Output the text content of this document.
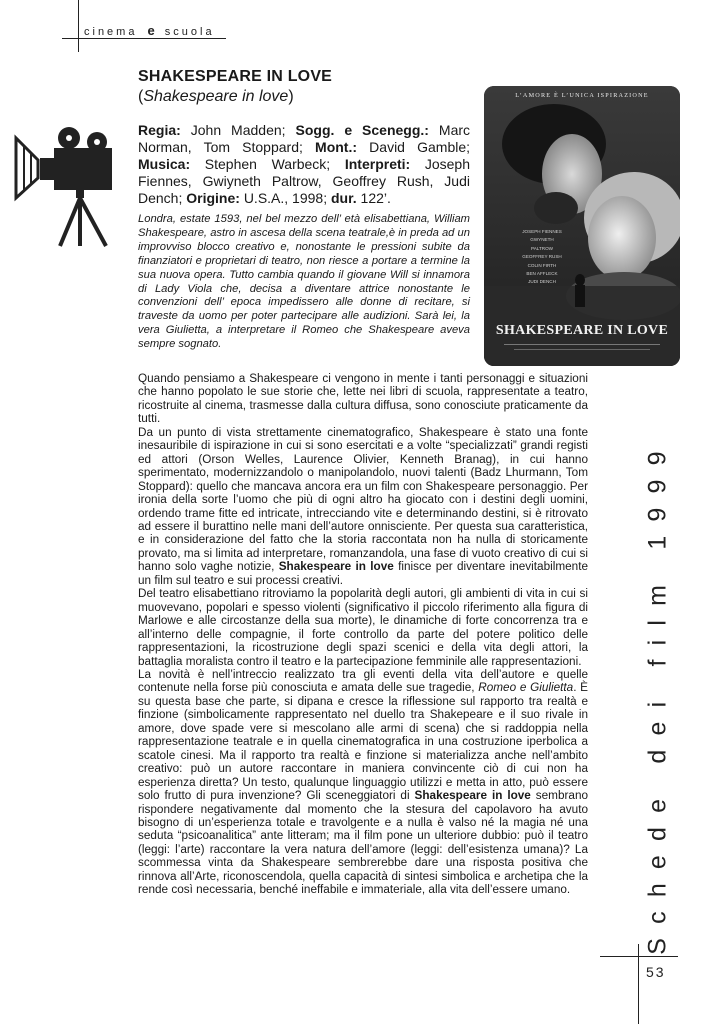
cinema e scuola
SHAKESPEARE IN LOVE
(Shakespeare in love)
Regia: John Madden; Sogg. e Scenegg.: Marc Norman, Tom Stoppard; Mont.: David Gamble; Musica: Stephen Warbeck; Interpreti: Joseph Fiennes, Gwiyneth Paltrow, Geoffrey Rush, Judi Dench; Origine: U.S.A., 1998; dur. 122’.
Londra, estate 1593, nel bel mezzo dell’ età elisabettiana, William Shakespeare, astro in ascesa della scena teatrale,è in preda ad un improvviso blocco creativo e, nonostante le pressioni subite da finanziatori e proprietari di teatro, non riesce a portare a termine la sua nuova opera. Tutto cambia quando il giovane Will si innamora di Lady Viola che, decisa a diventare attrice nonostante le convenzioni dell’ epoca impedissero alle donne di recitare, si traveste da uomo per poter partecipare alle audizioni. Sarà lei, la vera Giulietta, a interpretare il Romeo che Shakespeare aveva sempre sognato.
L’AMORE È L’UNICA ISPIRAZIONE
JOSEPH FIENNES
GWYNETH PALTROW
GEOFFREY RUSH
COLIN FIRTH
BEN AFFLECK
JUDI DENCH
SHAKESPEARE IN LOVE

Quando pensiamo a Shakespeare ci vengono in mente i tanti personaggi e situazioni che hanno popolato le sue storie che, lette nei libri di scuola, rappresentate a teatro, ricostruite al cinema, trasmesse dalla cultura diffusa, sono conosciute praticamente da tutti.

Da un punto di vista strettamente cinematografico, Shakespeare è stato una fonte inesauribile di ispirazione in cui si sono esercitati e a volte “specializzati” grandi registi ed attori (Orson Welles, Laurence Olivier, Kenneth Branag), in cui hanno sperimentato, modernizzandolo o manipolandolo, nuovi talenti (Badz Lhurmann, Tom Stoppard): quello che mancava ancora era un film con Shakespeare personaggio. Per ironia della sorte l’uomo che più di ogni altro ha giocato con i destini degli uomini, ordendo trame fitte ed intricate, intrecciando vite e determinando destini, si è ritrovato ad essere il burattino nelle mani dell’autore onnisciente. Per questa sua caratteristica, e in considerazione del fatto che la storia raccontata non ha nulla di storicamente provato, ma si limita ad interpretare, romanzandola, una fase di vuoto creativo di cui si hanno solo vaghe notizie, Shakespeare in love finisce per diventare inevitabilmente un film sul teatro e sui processi creativi.

Del teatro elisabettiano ritroviamo la popolarità degli autori, gli ambienti di vita in cui si muovevano, popolari e spesso violenti (significativo il piccolo riferimento alla figura di Marlowe e alle circostanze della sua morte), le dinamiche di forte concorrenza tra e all’interno delle compagnie, il forte controllo da parte del potere politico delle rappresentazioni, la ricostruzione degli spazi scenici e della vita degli attori, la battaglia moralista contro il teatro e la partecipazione femminile alle rappresentazioni.

La novità è nell’intreccio realizzato tra gli eventi della vita dell’autore e quelle contenute nella forse più conosciuta e amata delle sue tragedie, Romeo e Giulietta. È su questa base che parte, si dipana e cresce la riflessione sul rapporto tra realtà e finzione (simbolicamente rappresentato nel duello tra Shakepeare e il suo rivale in amore, dove spade vere si mescolano alle armi di scena) che si raddoppia nella rappresentazione teatrale e in quella cinematografica in una costruzione iperbolica a scatole cinesi. Ma il rapporto tra realtà e finzione si materializza anche nell’ambito creativo: può un autore raccontare in maniera convincente ciò di cui non ha esperienza diretta? Un testo, qualunque linguaggio utilizzi e metta in atto, può essere solo frutto di pura invenzione? Gli sceneggiatori di Shakespeare in love sembrano rispondere negativamente dal momento che la stesura del capolavoro ha avuto bisogno di un’esperienza totale e travolgente e a nulla è valso né la magia né una seduta “psicoanalitica” ante litteram; ma il film pone un ulteriore dubbio: può il teatro (leggi: l’arte) raccontare la vera natura dell’amore (leggi: dell’esistenza umana)? La scommessa vinta da Shakespeare sembrerebbe dare una risposta positiva che rinnova all’Arte, riconoscendola, quella capacità di sintesi simbolica e archetipa che la rende così necessaria, benché ineffabile e immateriale, alla vita dell’essere umano.	Schede dei film 1999
53
